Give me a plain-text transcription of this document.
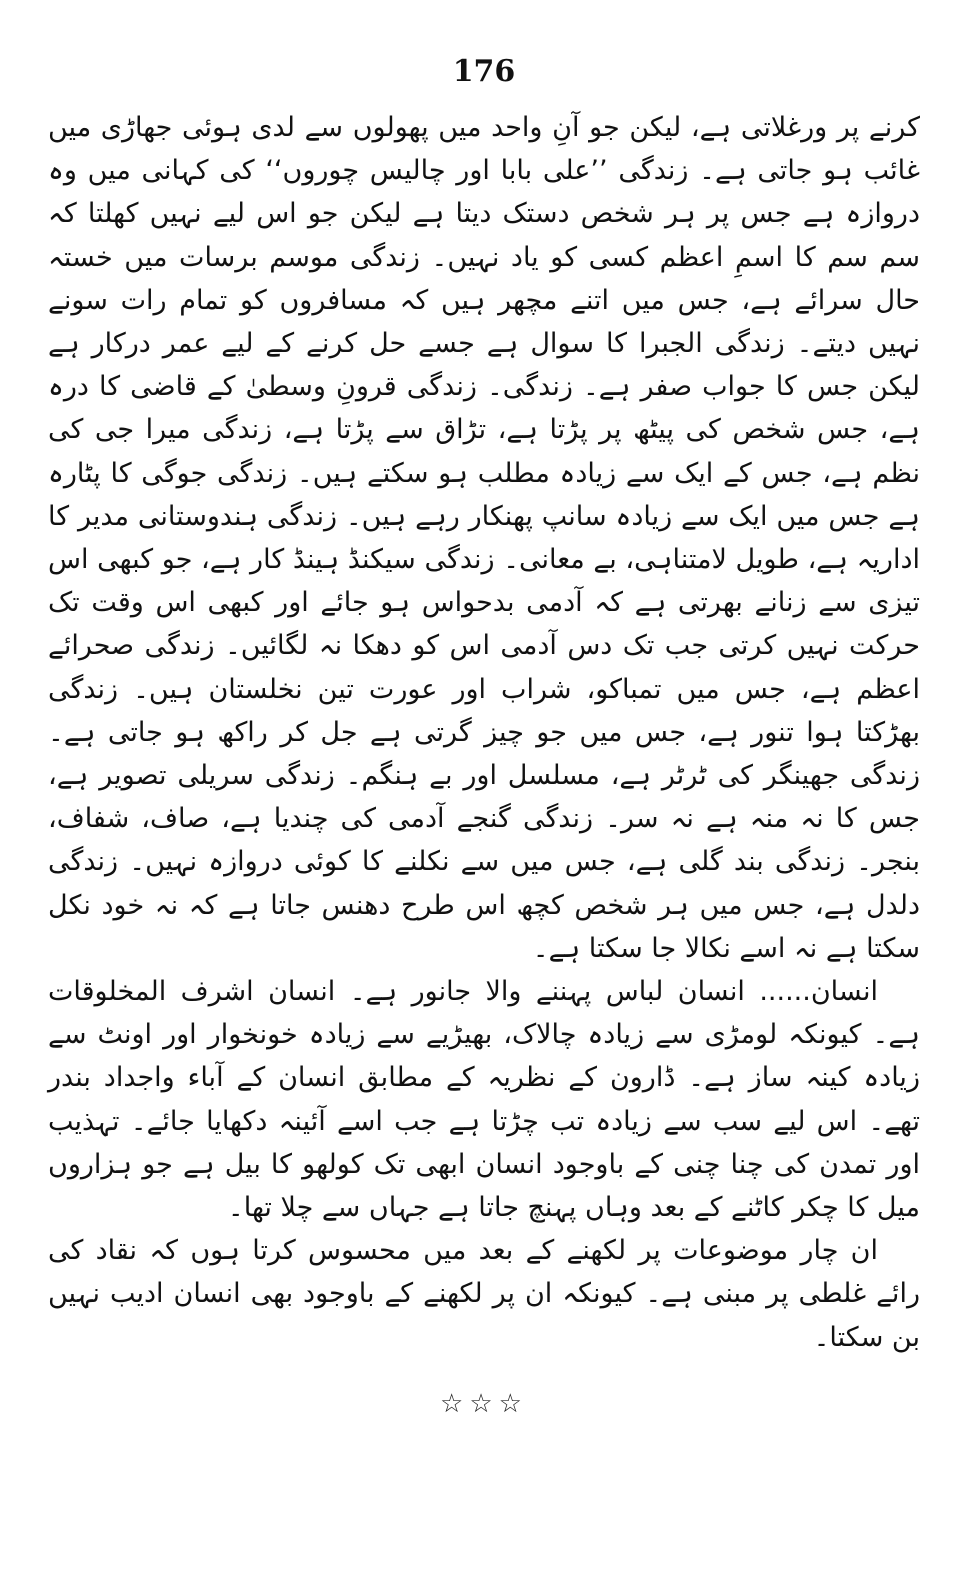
176

کرنے پر ورغلاتی ہے، لیکن جو آنِ واحد میں پھولوں سے لدی ہوئی جھاڑی میں غائب ہو جاتی ہے۔ زندگی ’’علی بابا اور چالیس چوروں‘‘ کی کہانی میں وہ دروازہ ہے جس پر ہر شخص دستک دیتا ہے لیکن جو اس لیے نہیں کھلتا کہ سم سم کا اسمِ اعظم کسی کو یاد نہیں۔ زندگی موسم برسات میں خستہ حال سرائے ہے، جس میں اتنے مچھر ہیں کہ مسافروں کو تمام رات سونے نہیں دیتے۔ زندگی الجبرا کا سوال ہے جسے حل کرنے کے لیے عمر درکار ہے لیکن جس کا جواب صفر ہے۔ زندگی۔ زندگی قرونِ وسطیٰ کے قاضی کا درہ ہے، جس شخص کی پیٹھ پر پڑتا ہے، تڑاق سے پڑتا ہے، زندگی میرا جی کی نظم ہے، جس کے ایک سے زیادہ مطلب ہو سکتے ہیں۔ زندگی جوگی کا پٹارہ ہے جس میں ایک سے زیادہ سانپ پھنکار رہے ہیں۔ زندگی ہندوستانی مدیر کا اداریہ ہے، طویل لامتناہی، بے معانی۔ زندگی سیکنڈ ہینڈ کار ہے، جو کبھی اس تیزی سے زنانے بھرتی ہے کہ آدمی بدحواس ہو جائے اور کبھی اس وقت تک حرکت نہیں کرتی جب تک دس آدمی اس کو دھکا نہ لگائیں۔ زندگی صحرائے اعظم ہے، جس میں تمباکو، شراب اور عورت تین نخلستان ہیں۔ زندگی بھڑکتا ہوا تنور ہے، جس میں جو چیز گرتی ہے جل کر راکھ ہو جاتی ہے۔ زندگی جھینگر کی ٹرٹر ہے، مسلسل اور بے ہنگم۔ زندگی سریلی تصویر ہے، جس کا نہ منہ ہے نہ سر۔ زندگی گنجے آدمی کی چندیا ہے، صاف، شفاف، بنجر۔ زندگی بند گلی ہے، جس میں سے نکلنے کا کوئی دروازہ نہیں۔ زندگی دلدل ہے، جس میں ہر شخص کچھ اس طرح دھنس جاتا ہے کہ نہ خود نکل سکتا ہے نہ اسے نکالا جا سکتا ہے۔

انسان...... انسان لباس پہننے والا جانور ہے۔ انسان اشرف المخلوقات ہے۔ کیونکہ لومڑی سے زیادہ چالاک، بھیڑیے سے زیادہ خونخوار اور اونٹ سے زیادہ کینہ ساز ہے۔ ڈارون کے نظریہ کے مطابق انسان کے آباء واجداد بندر تھے۔ اس لیے سب سے زیادہ تب چڑتا ہے جب اسے آئینہ دکھایا جائے۔ تہذیب اور تمدن کی چنا چنی کے باوجود انسان ابھی تک کولھو کا بیل ہے جو ہزاروں میل کا چکر کاٹنے کے بعد وہاں پہنچ جاتا ہے جہاں سے چلا تھا۔

ان چار موضوعات پر لکھنے کے بعد میں محسوس کرتا ہوں کہ نقاد کی رائے غلطی پر مبنی ہے۔ کیونکہ ان پر لکھنے کے باوجود بھی انسان ادیب نہیں بن سکتا۔

☆☆☆
